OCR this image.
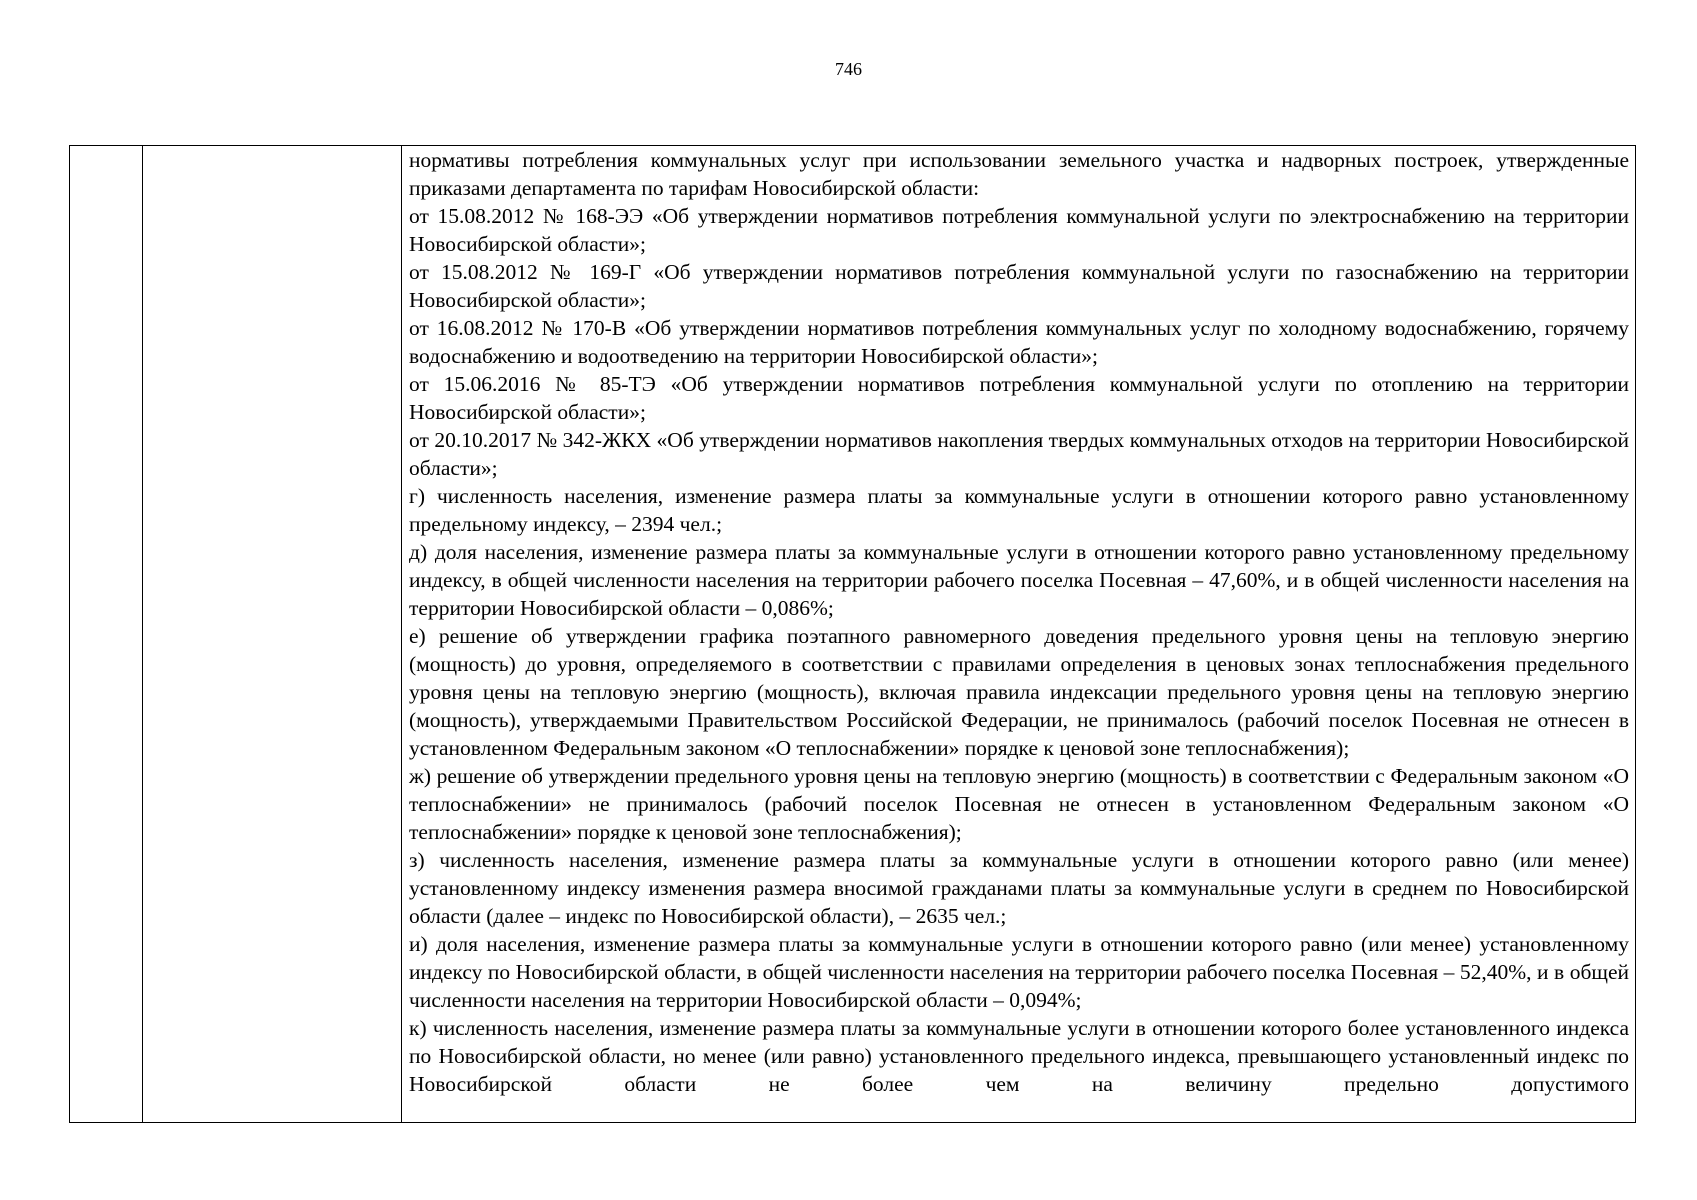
746

нормативы потребления коммунальных услуг при использовании земельного участка и надворных построек, утвержденные приказами департамента по тарифам Новосибирской области:

от 15.08.2012 № 168-ЭЭ «Об утверждении нормативов потребления коммунальной услуги по электроснабжению на территории Новосибирской области»;

от 15.08.2012 № 169-Г «Об утверждении нормативов потребления коммунальной услуги по газоснабжению на территории Новосибирской области»;

от 16.08.2012 № 170-В «Об утверждении нормативов потребления коммунальных услуг по холодному водоснабжению, горячему водоснабжению и водоотведению на территории Новосибирской области»;

от 15.06.2016 № 85-ТЭ «Об утверждении нормативов потребления коммунальной услуги по отоплению на территории Новосибирской области»;

от 20.10.2017 № 342-ЖКХ «Об утверждении нормативов накопления твердых коммунальных отходов на территории Новосибирской области»;

г) численность населения, изменение размера платы за коммунальные услуги в отношении которого равно установленному предельному индексу, – 2394 чел.;

д) доля населения, изменение размера платы за коммунальные услуги в отношении которого равно установленному предельному индексу, в общей численности населения на территории рабочего поселка Посевная – 47,60%, и в общей численности населения на территории Новосибирской области – 0,086%;

е) решение об утверждении графика поэтапного равномерного доведения предельного уровня цены на тепловую энергию (мощность) до уровня, определяемого в соответствии с правилами определения в ценовых зонах теплоснабжения предельного уровня цены на тепловую энергию (мощность), включая правила индексации предельного уровня цены на тепловую энергию (мощность), утверждаемыми Правительством Российской Федерации, не принималось (рабочий поселок Посевная не отнесен в установленном Федеральным законом «О теплоснабжении» порядке к ценовой зоне теплоснабжения);

ж) решение об утверждении предельного уровня цены на тепловую энергию (мощность) в соответствии с Федеральным законом «О теплоснабжении» не принималось (рабочий поселок Посевная не отнесен в установленном Федеральным законом «О теплоснабжении» порядке к ценовой зоне теплоснабжения);

з) численность населения, изменение размера платы за коммунальные услуги в отношении которого равно (или менее) установленному индексу изменения размера вносимой гражданами платы за коммунальные услуги в среднем по Новосибирской области (далее – индекс по Новосибирской области), – 2635 чел.;

и) доля населения, изменение размера платы за коммунальные услуги в отношении которого равно (или менее) установленному индексу по Новосибирской области, в общей численности населения на территории рабочего поселка Посевная – 52,40%, и в общей численности населения на территории Новосибирской области – 0,094%;

к) численность населения, изменение размера платы за коммунальные услуги в отношении которого более установленного индекса по Новосибирской области, но менее (или равно) установленного предельного индекса, превышающего установленный индекс по Новосибирской области не более чем на величину предельно допустимого
